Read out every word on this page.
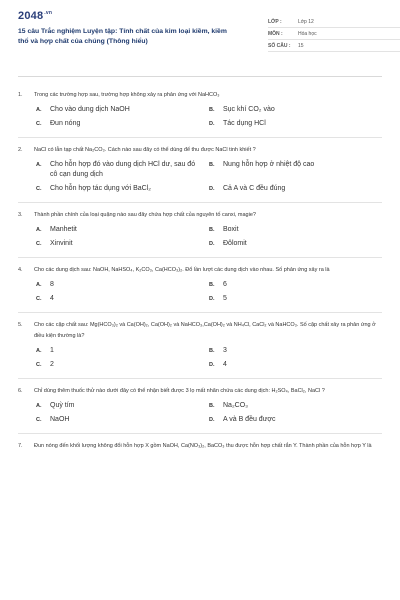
$2048^{.vn}$
15 câu Trắc nghiệm Luyện tập: Tính chất của kim loại kiềm, kiềm thổ và hợp chất của chúng (Thông hiểu)
LỚP :	Lớp 12
MÔN :	Hóa học
SỐ CÂU :	15
1.	Trong các trường hợp sau, trường hợp không xảy ra phản ứng với NaHCO₃
A.	Cho vào dung dịch NaOH	B.	Sục khí CO₂ vào
C.	Đun nóng	D.	Tác dụng HCl
2.	NaCl có lẫn tạp chất Na₂CO₃. Cách nào sau đây có thể dùng để thu được NaCl tinh khiết ?
A.	Cho hỗn hợp đó vào dung dịch HCl dư, sau đó cô cạn dung dịch
B.	Nung hỗn hợp ở nhiệt độ cao
C.	Cho hỗn hợp tác dụng với BaCl₂	D.	Cả A và C đều đúng
3.	Thành phần chính của loại quặng nào sau đây chứa hợp chất của nguyên tố canxi, magie?
A.	Manhetit	B.	Boxit
C.	Xinvinit	D.	Đôlomit
4.	Cho các dung dịch sau: NaOH, NaHSO₄, K₂CO₃, Ca(HCO₃)₂. Đổ lần lượt các dung dịch vào nhau. Số phản ứng xảy ra là
A.	8	B.	6
C.	4	D.	5
5.	Cho các cặp chất sau: Mg(HCO₃)₂ và Ca(OH)₂, Ca(OH)₂ và NaHCO₃,Ca(OH)₂ và NH₄Cl, CaCl₂ và NaHCO₃. Số cặp chất xảy ra phản ứng ở điều kiện thường là?
A.	1	B.	3
C.	2	D.	4
6.	Chỉ dùng thêm thuốc thử nào dưới đây có thể nhận biết được 3 lọ mất nhãn chứa các dung dịch: H₂SO₄, BaCl₂, NaCl ?
A.	Quỳ tím	B.	Na₂CO₃
C.	NaOH	D.	A và B đều được
7.	Đun nóng đến khối lượng không đổi hỗn hợp X gồm NaOH, Ca(NO₃)₂, BaCO₃ thu được hỗn hợp chất rắn Y. Thành phần của hỗn hợp Y là
